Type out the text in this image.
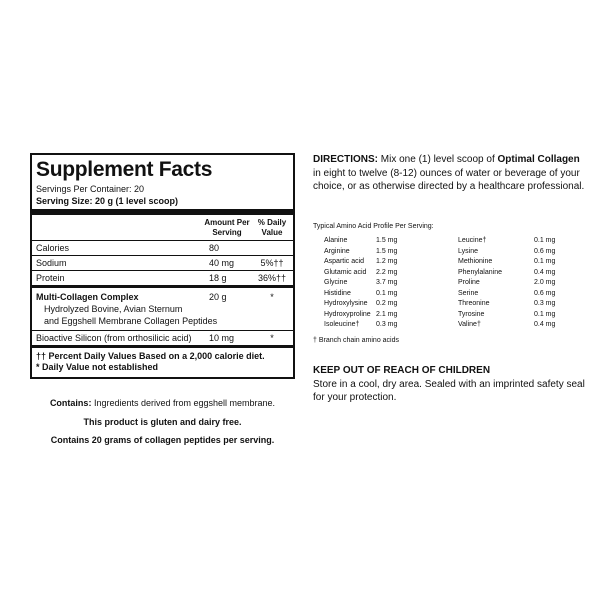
Supplement Facts
Servings Per Container: 20
Serving Size: 20 g (1 level scoop)
Amount Per Serving
% Daily Value
Calories	80
Sodium	40 mg	5%††
Protein	18 g	36%††
Multi-Collagen Complex	20 g	*
Hydrolyzed Bovine, Avian Sternum
and Eggshell Membrane Collagen Peptides
Bioactive Silicon (from orthosilicic acid)	10 mg	*
†† Percent Daily Values Based on a 2,000 calorie diet.
* Daily Value not established
Contains: Ingredients derived from eggshell membrane.
This product is gluten and dairy free.
Contains 20 grams of collagen peptides per serving.
DIRECTIONS: Mix one (1) level scoop of Optimal Collagen in eight to twelve (8-12) ounces of water or beverage of your choice, or as otherwise directed by a healthcare professional.
Typical Amino Acid Profile Per Serving:
Alanine	1.5 mg
Arginine	1.5 mg
Aspartic acid	1.2 mg
Glutamic acid	2.2 mg
Glycine	3.7 mg
Histidine	0.1 mg
Hydroxylysine	0.2 mg
Hydroxyproline 2.1 mg
Isoleucine†	0.3 mg
Leucine†	0.1 mg
Lysine	0.6 mg
Methionine	0.1 mg
Phenylalanine	0.4 mg
Proline	2.0 mg
Serine	0.6 mg
Threonine	0.3 mg
Tyrosine	0.1 mg
Valine†	0.4 mg
† Branch chain amino acids
KEEP OUT OF REACH OF CHILDREN
Store in a cool, dry area. Sealed with an imprinted safety seal for your protection.
